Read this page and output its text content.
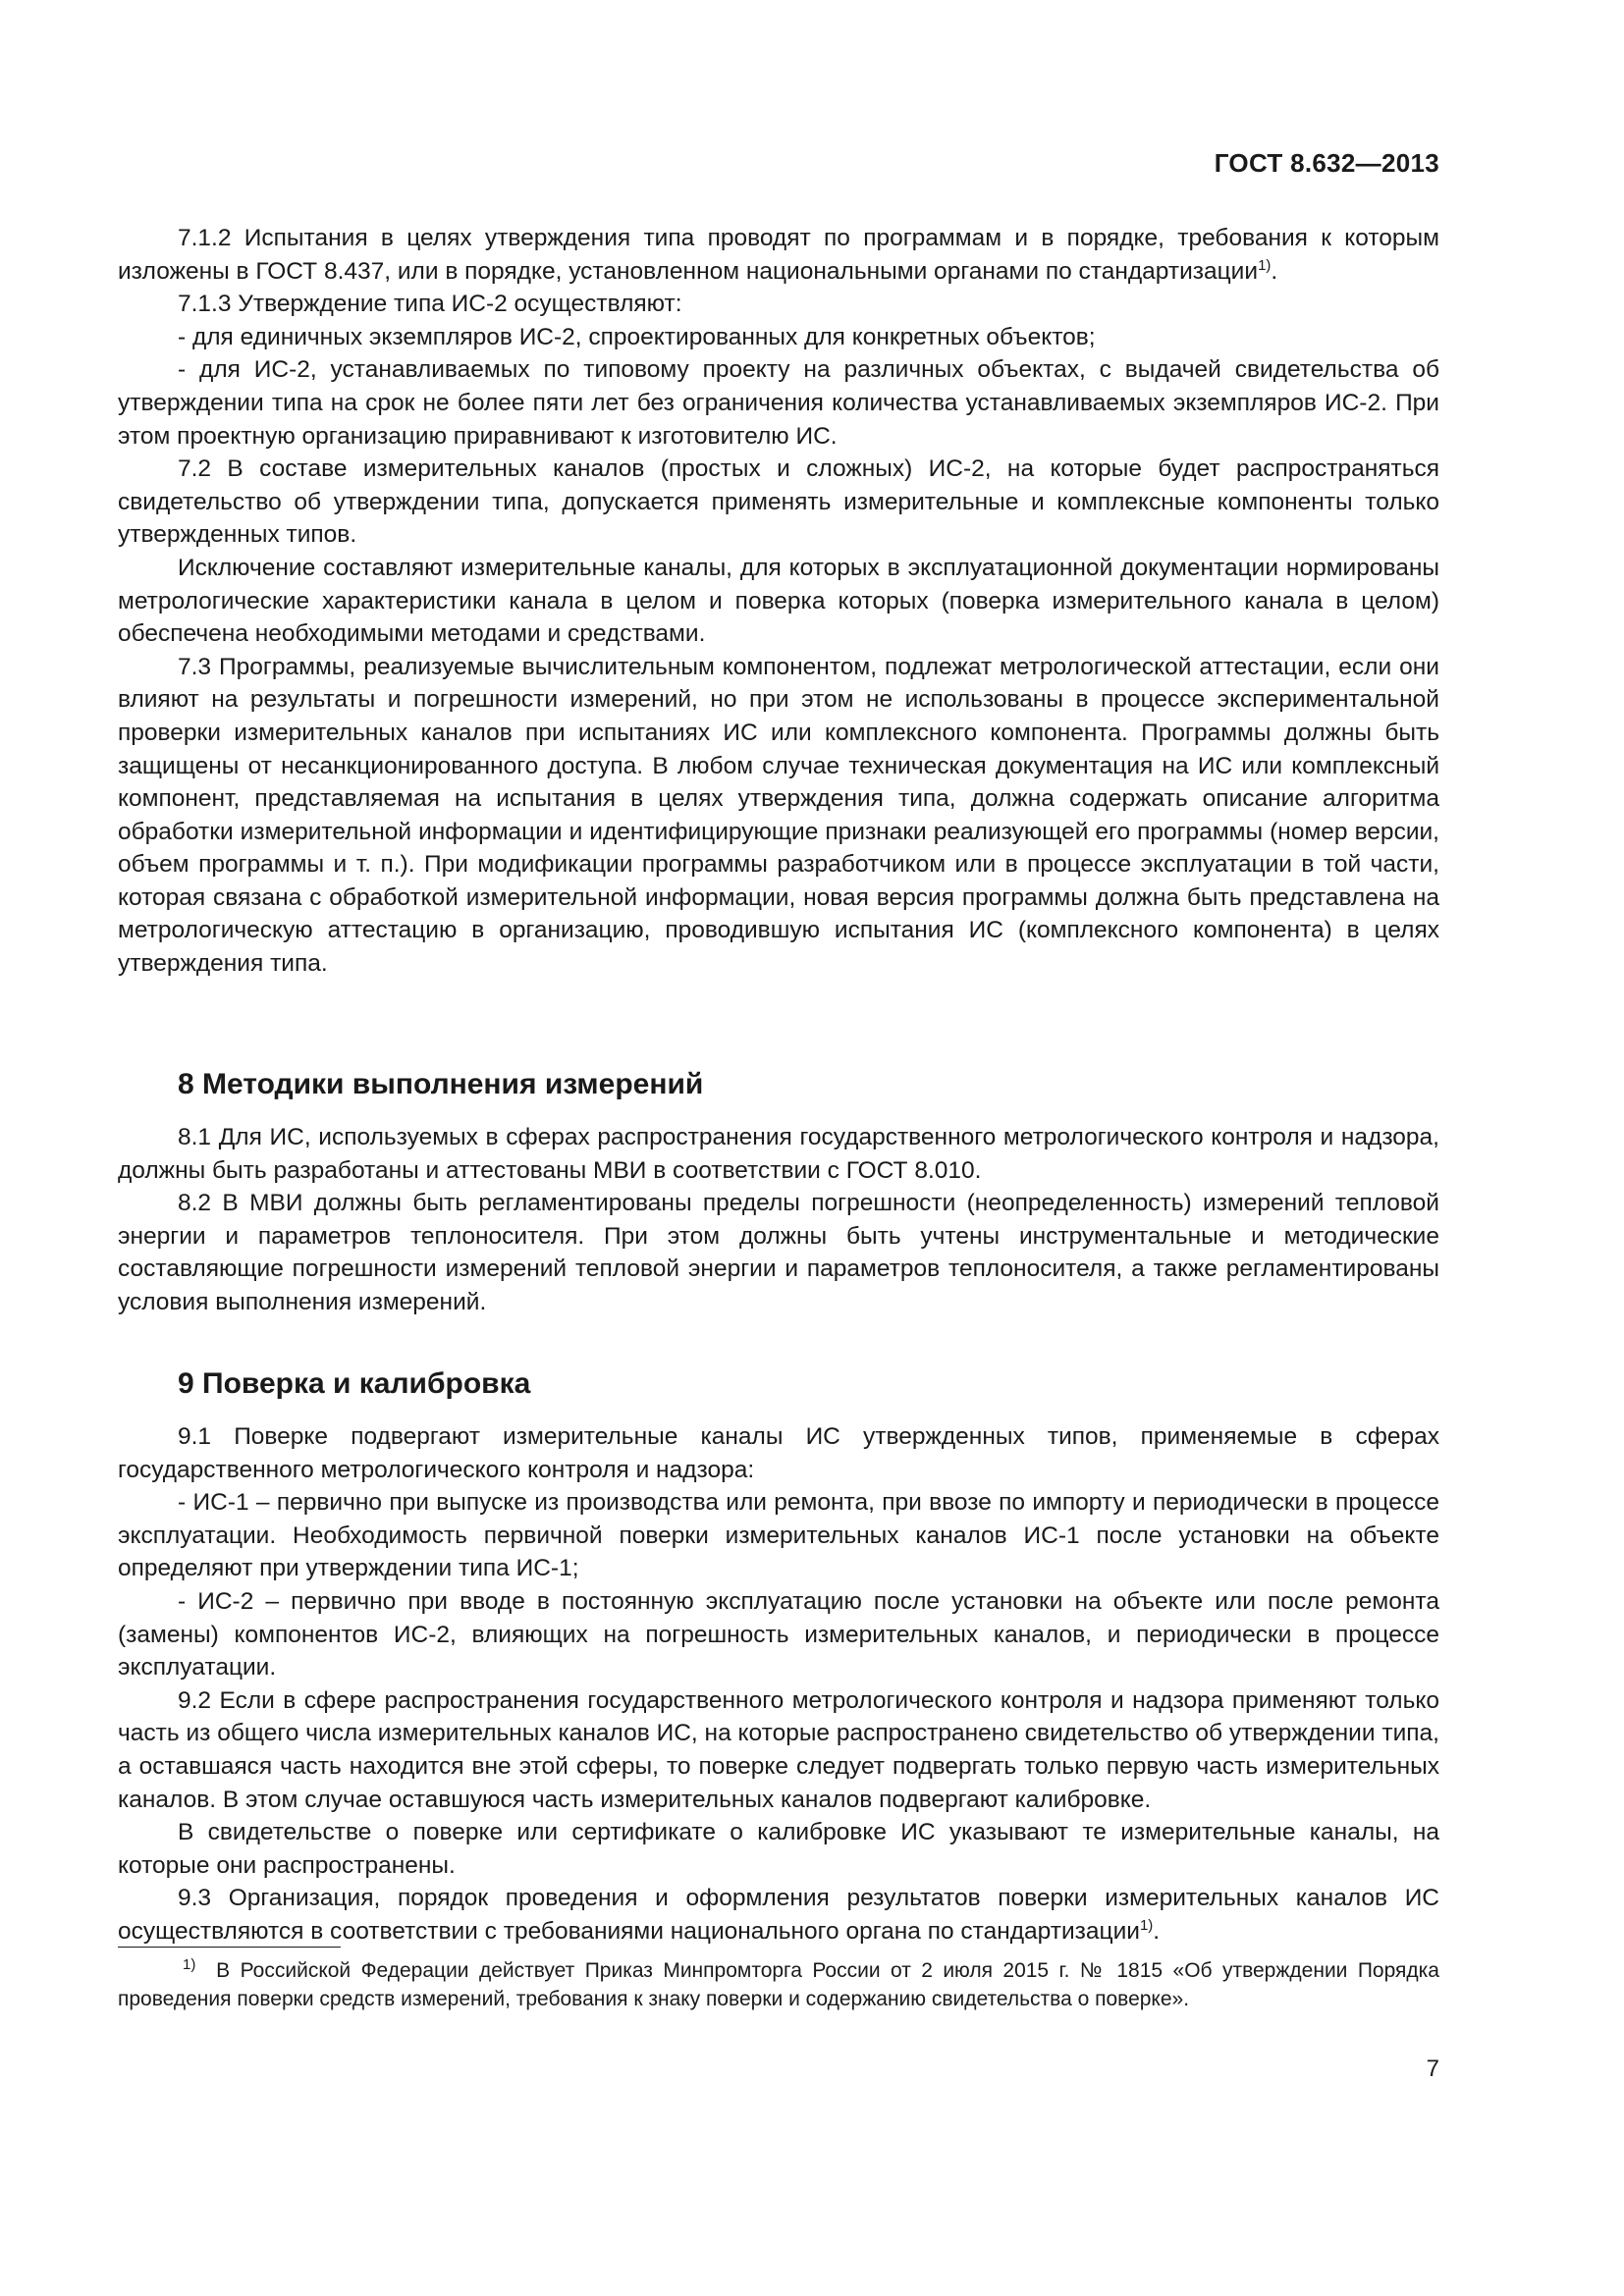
ГОСТ 8.632—2013

7.1.2 Испытания в целях утверждения типа проводят по программам и в порядке, требования к которым изложены в ГОСТ 8.437, или в порядке, установленном национальными органами по стандартизации$^{1)}$.

7.1.3 Утверждение типа ИС-2 осуществляют:

- для единичных экземпляров ИС-2, спроектированных для конкретных объектов;

- для ИС-2, устанавливаемых по типовому проекту на различных объектах, с выдачей свидетельства об утверждении типа на срок не более пяти лет без ограничения количества устанавливаемых экземпляров ИС-2. При этом проектную организацию приравнивают к изготовителю ИС.

7.2 В составе измерительных каналов (простых и сложных) ИС-2, на которые будет распространяться свидетельство об утверждении типа, допускается применять измерительные и комплексные компоненты только утвержденных типов.

Исключение составляют измерительные каналы, для которых в эксплуатационной документации нормированы метрологические характеристики канала в целом и поверка которых (поверка измерительного канала в целом) обеспечена необходимыми методами и средствами.

7.3 Программы, реализуемые вычислительным компонентом, подлежат метрологической аттестации, если они влияют на результаты и погрешности измерений, но при этом не использованы в процессе экспериментальной проверки измерительных каналов при испытаниях ИС или комплексного компонента. Программы должны быть защищены от несанкционированного доступа. В любом случае техническая документация на ИС или комплексный компонент, представляемая на испытания в целях утверждения типа, должна содержать описание алгоритма обработки измерительной информации и идентифицирующие признаки реализующей его программы (номер версии, объем программы и т. п.). При модификации программы разработчиком или в процессе эксплуатации в той части, которая связана с обработкой измерительной информации, новая версия программы должна быть представлена на метрологическую аттестацию в организацию, проводившую испытания ИС (комплексного компонента) в целях утверждения типа.

8 Методики выполнения измерений

8.1 Для ИС, используемых в сферах распространения государственного метрологического контроля и надзора, должны быть разработаны и аттестованы МВИ в соответствии с ГОСТ 8.010.

8.2 В МВИ должны быть регламентированы пределы погрешности (неопределенность) измерений тепловой энергии и параметров теплоносителя. При этом должны быть учтены инструментальные и методические составляющие погрешности измерений тепловой энергии и параметров теплоносителя, а также регламентированы условия выполнения измерений.

9 Поверка и калибровка

9.1 Поверке подвергают измерительные каналы ИС утвержденных типов, применяемые в сферах государственного метрологического контроля и надзора:

- ИС-1 – первично при выпуске из производства или ремонта, при ввозе по импорту и периодически в процессе эксплуатации. Необходимость первичной поверки измерительных каналов ИС-1 после установки на объекте определяют при утверждении типа ИС-1;

- ИС-2 – первично при вводе в постоянную эксплуатацию после установки на объекте или после ремонта (замены) компонентов ИС-2, влияющих на погрешность измерительных каналов, и периодически в процессе эксплуатации.

9.2 Если в сфере распространения государственного метрологического контроля и надзора применяют только часть из общего числа измерительных каналов ИС, на которые распространено свидетельство об утверждении типа, а оставшаяся часть находится вне этой сферы, то поверке следует подвергать только первую часть измерительных каналов. В этом случае оставшуюся часть измерительных каналов подвергают калибровке.

В свидетельстве о поверке или сертификате о калибровке ИС указывают те измерительные каналы, на которые они распространены.

9.3 Организация, порядок проведения и оформления результатов поверки измерительных каналов ИС осуществляются в соответствии с требованиями национального органа по стандартизации$^{1)}$.

$^{1)}$ В Российской Федерации действует Приказ Минпромторга России от 2 июля 2015 г. № 1815 «Об утверждении Порядка проведения поверки средств измерений, требования к знаку поверки и содержанию свидетельства о поверке».

7
